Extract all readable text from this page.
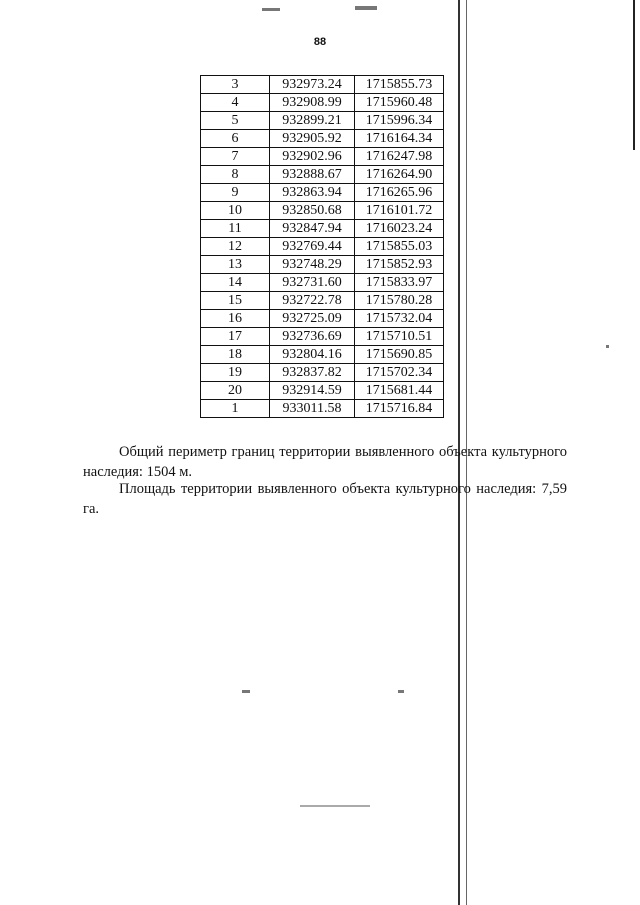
88
3	932973.24	1715855.73
4	932908.99	1715960.48
5	932899.21	1715996.34
6	932905.92	1716164.34
7	932902.96	1716247.98
8	932888.67	1716264.90
9	932863.94	1716265.96
10	932850.68	1716101.72
11	932847.94	1716023.24
12	932769.44	1715855.03
13	932748.29	1715852.93
14	932731.60	1715833.97
15	932722.78	1715780.28
16	932725.09	1715732.04
17	932736.69	1715710.51
18	932804.16	1715690.85
19	932837.82	1715702.34
20	932914.59	1715681.44
1	933011.58	1715716.84
Общий периметр границ территории выявленного объекта культурного наследия: 1504 м.
Площадь территории выявленного объекта культурного наследия: 7,59 га.
